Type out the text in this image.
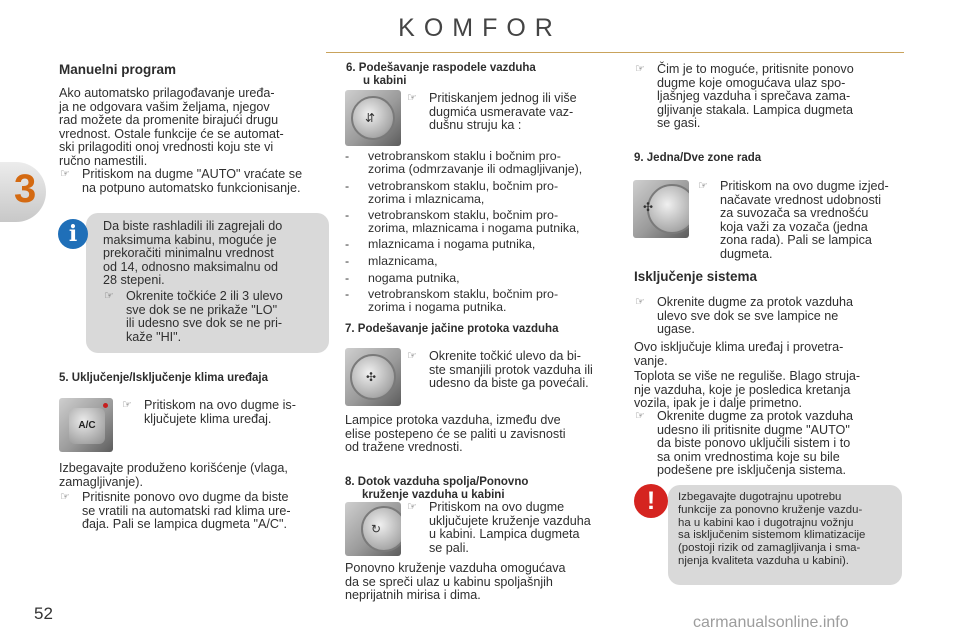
KOMFOR
3
Manuelni program
Ako automatsko prilagođavanje uređa-
ja ne odgovara vašim željama, njegov
rad možete da promenite birajući drugu
vrednost. Ostale funkcije će se automat-
ski prilagoditi onoj vrednosti koju ste vi
ručno namestili.
☞ Pritiskom na dugme "AUTO" vraćate se
na potpuno automatsko funkcionisanje.
i	Da biste rashladili ili zagrejali do
maksimuma kabinu, moguće je
prekoračiti minimalnu vrednost
od 14, odnosno maksimalnu od
28 stepeni.
☞ Okrenite točkiće 2 ili 3 ulevo
sve dok se ne prikaže "LO"
ili udesno sve dok se ne pri-
kaže "HI".
5. Uključenje/Isključenje klima uređaja
A/C
☞ Pritiskom na ovo dugme is-
ključujete klima uređaj.
Izbegavajte produženo korišćenje (vlaga,
zamagljivanje).
☞ Pritisnite ponovo ovo dugme da biste
se vratili na automatski rad klima ure-
đaja. Pali se lampica dugmeta "A/C".
6. Podešavanje raspodele vazduha
u kabini
⇵
☞ Pritiskanjem jednog ili više
dugmića usmeravate vaz-
dušnu struju ka :
- vetrobranskom staklu i bočnim pro-
zorima (odmrzavanje ili odmagljivanje),
- vetrobranskom staklu, bočnim pro-
zorima i mlaznicama,
- vetrobranskom staklu, bočnim pro-
zorima, mlaznicama i nogama putnika,
- mlaznicama i nogama putnika,
- mlaznicama,
- nogama putnika,
- vetrobranskom staklu, bočnim pro-
zorima i nogama putnika.
7. Podešavanje jačine protoka vazduha
✣
☞ Okrenite točkić ulevo da bi-
ste smanjili protok vazduha ili
udesno da biste ga povećali.
Lampice protoka vazduha, između dve
elise postepeno će se paliti u zavisnosti
od tražene vrednosti.
8. Dotok vazduha spolja/Ponovno
kruženje vazduha u kabini
↻
☞ Pritiskom na ovo dugme
uključujete kruženje vazduha
u kabini. Lampica dugmeta
se pali.
Ponovno kruženje vazduha omogućava
da se spreči ulaz u kabinu spoljašnjih
neprijatnih mirisa i dima.
☞ Čim je to moguće, pritisnite ponovo
dugme koje omogućava ulaz spo-
ljašnjeg vazduha i sprečava zama-
gljivanje stakala. Lampica dugmeta
se gasi.
9. Jedna/Dve zone rada
✣
☞ Pritiskom na ovo dugme izjed-
načavate vrednost udobnosti
za suvozača sa vrednošću
koja važi za vozača (jedna
zona rada). Pali se lampica
dugmeta.
Isključenje sistema
☞ Okrenite dugme za protok vazduha
ulevo sve dok se sve lampice ne
ugase.
Ovo isključuje klima uređaj i provetra-
vanje.
Toplota se više ne reguliše. Blago struja-
nje vazduha, koje je posledica kretanja
vozila, ipak je i dalje primetno.
☞ Okrenite dugme za protok vazduha
udesno ili pritisnite dugme "AUTO"
da biste ponovo uključili sistem i to
sa onim vrednostima koje su bile
podešene pre isključenja sistema.
!	Izbegavajte dugotrajnu upotrebu
funkcije za ponovno kruženje vazdu-
ha u kabini kao i dugotrajnu vožnju
sa isključenim sistemom klimatizacije
(postoji rizik od zamagljivanja i sma-
njenja kvaliteta vazduha u kabini).
52	carmanualsonline.info
